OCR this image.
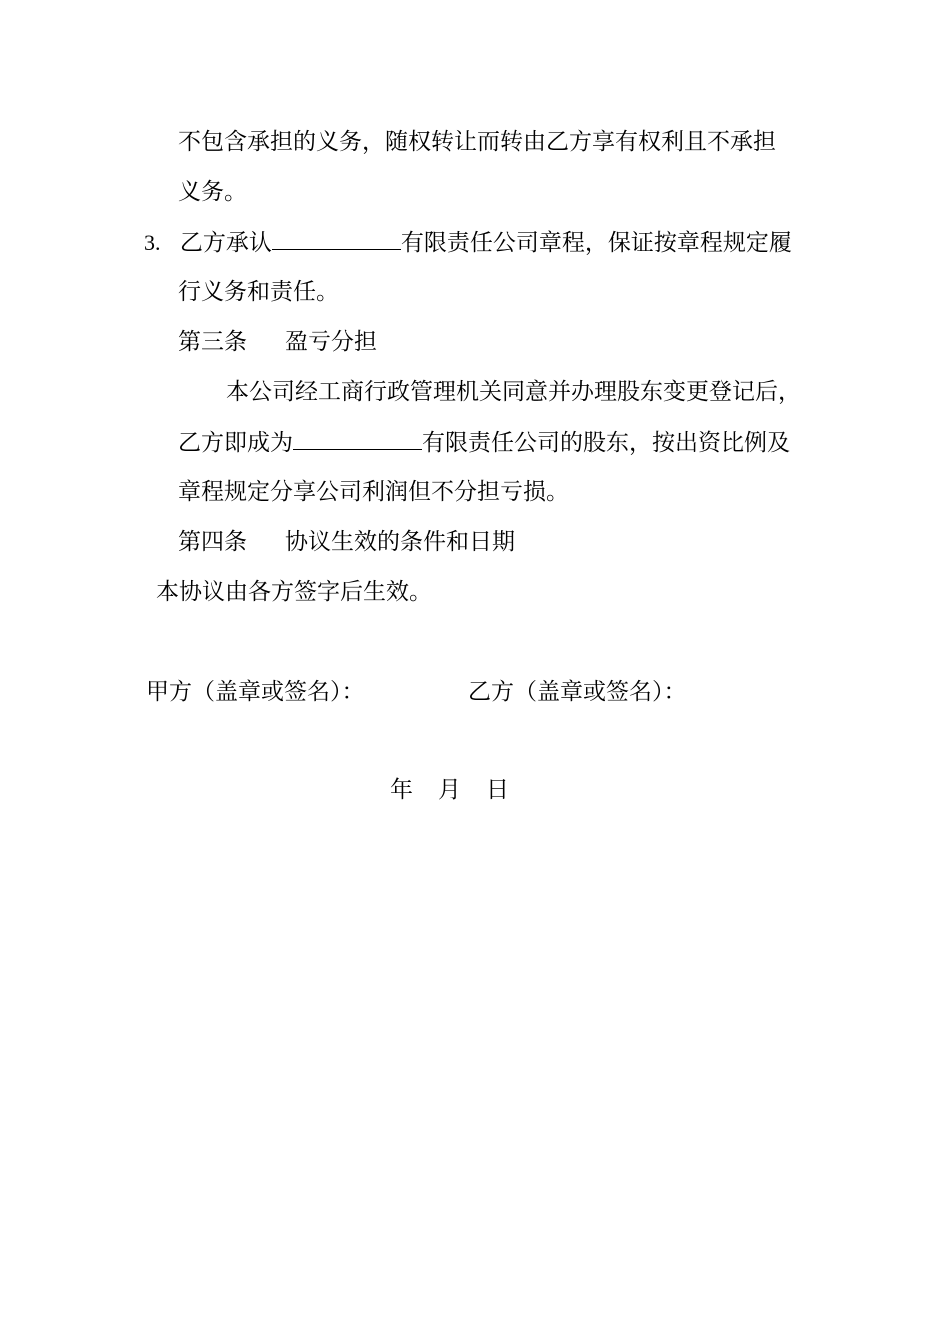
不包含承担的义务，随权转让而转由乙方享有权利且不承担
义务。
3. 乙方承认	有限责任公司章程，保证按章程规定履
行义务和责任。
第三条 盈亏分担
本公司经工商行政管理机关同意并办理股东变更登记后，
乙方即成为	有限责任公司的股东，按出资比例及
章程规定分享公司利润但不分担亏损。
第四条 协议生效的条件和日期
本协议由各方签字后生效。
甲方（盖章或签名）：	乙方（盖章或签名）：
年 月 日
